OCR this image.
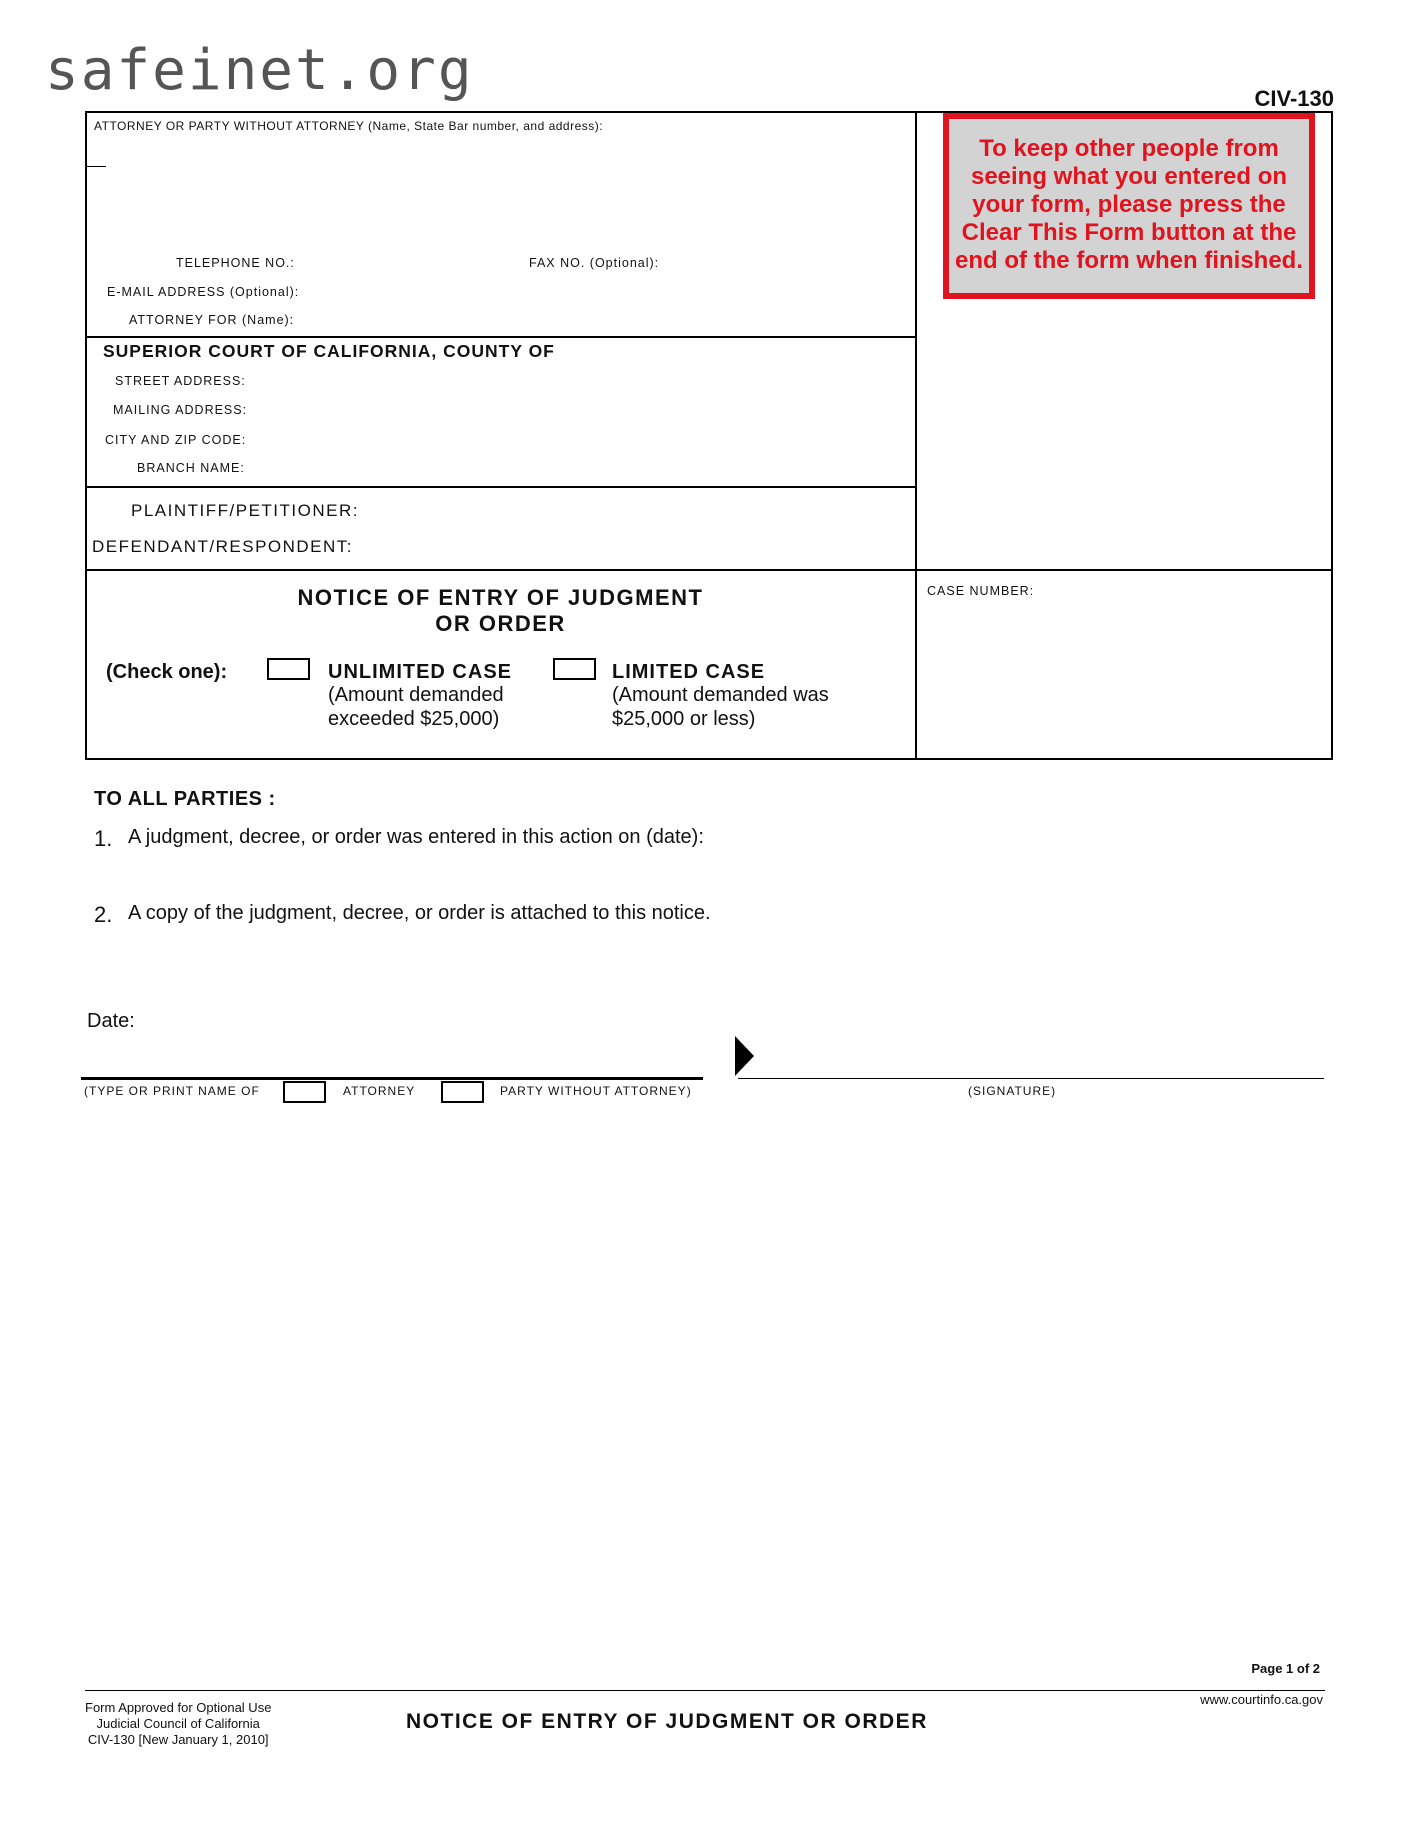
safeinet.org	CIV-130
ATTORNEY OR PARTY WITHOUT ATTORNEY (Name, State Bar number, and address):
TELEPHONE NO.:	FAX NO. (Optional):
E-MAIL ADDRESS (Optional):
ATTORNEY FOR (Name):
SUPERIOR COURT OF CALIFORNIA, COUNTY OF
STREET ADDRESS:
MAILING ADDRESS:
CITY AND ZIP CODE:
BRANCH NAME:
PLAINTIFF/PETITIONER:
DEFENDANT/RESPONDENT:
To keep other people from seeing what you entered on your form, please press the Clear This Form button at the end of the form when finished.
NOTICE OF ENTRY OF JUDGMENT
OR ORDER
(Check one):	UNLIMITED CASE
(Amount demanded
exceeded $25,000)
LIMITED CASE
(Amount demanded was
$25,000 or less)
CASE NUMBER:
TO ALL PARTIES :
1. A judgment, decree, or order was entered in this action on (date):
2. A copy of the judgment, decree, or order is attached to this notice.
Date:
(TYPE OR PRINT NAME OF	ATTORNEY	PARTY WITHOUT ATTORNEY)	(SIGNATURE)
Page 1 of 2
Form Approved for Optional Use
Judicial Council of California
CIV-130 [New January 1, 2010]
NOTICE OF ENTRY OF JUDGMENT OR ORDER
www.courtinfo.ca.gov
